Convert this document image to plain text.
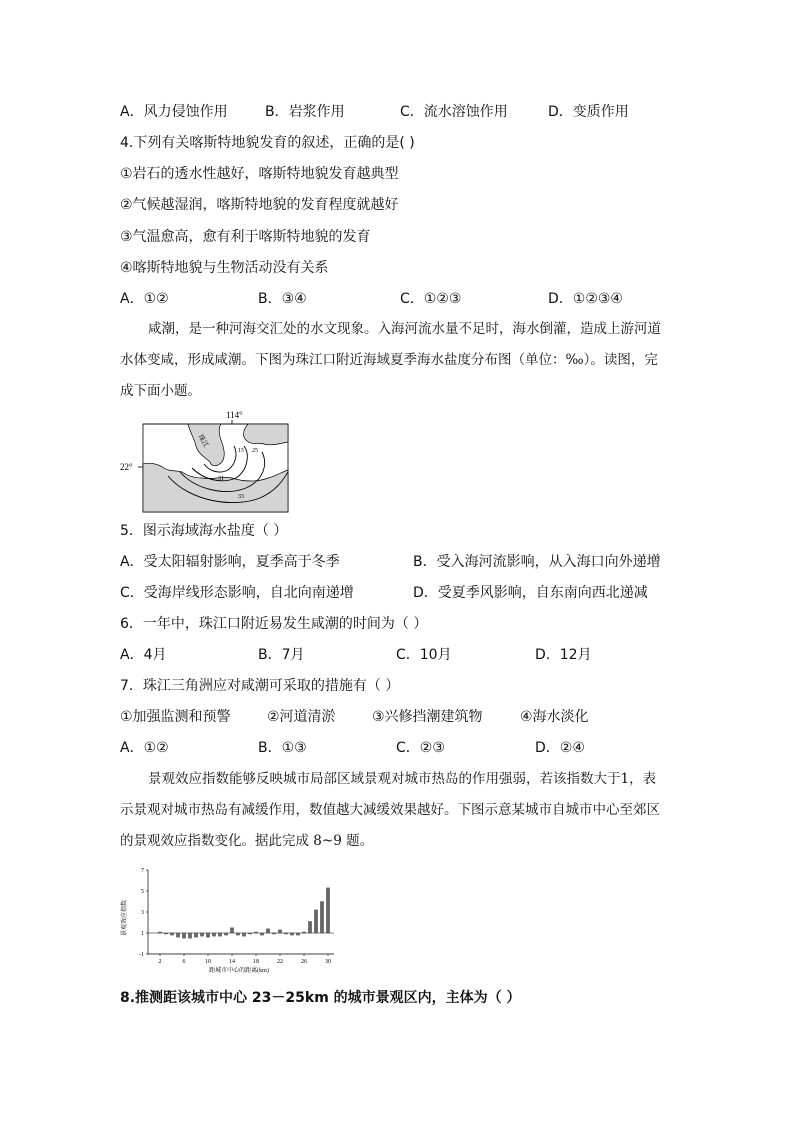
A．风力侵蚀作用	B．岩浆作用	C．流水溶蚀作用	D．变质作用
4.下列有关喀斯特地貌发育的叙述，正确的是( )
①岩石的透水性越好，喀斯特地貌发育越典型
②气候越湿润，喀斯特地貌的发育程度就越好
③气温愈高，愈有利于喀斯特地貌的发育
④喀斯特地貌与生物活动没有关系
A．①②	B．③④	C．①②③	D．①②③④
咸潮，是一种河海交汇处的水文现象。入海河流水量不足时，海水倒灌，造成上游河道
水体变咸，形成咸潮。下图为珠江口附近海域夏季海水盐度分布图（单位：‰）。读图，完
成下面小题。
114°
15 25
31
33
珠江
22°
5．图示海域海水盐度（ ）
A．受太阳辐射影响，夏季高于冬季	B．受入海河流影响，从入海口向外递增
C．受海岸线形态影响，自北向南递增	D．受夏季风影响，自东南向西北递减
6．一年中，珠江口附近易发生咸潮的时间为（ ）
A．4月	B．7月	C．10月	D．12月
7．珠江三角洲应对咸潮可采取的措施有（ ）
①加强监测和预警	②河道清淤	③兴修挡潮建筑物	④海水淡化
A．①②	B．①③	C．②③	D．②④
景观效应指数能够反映城市局部区域景观对城市热岛的作用强弱，若该指数大于1，表
示景观对城市热岛有减缓作用，数值越大减缓效果越好。下图示意某城市自城市中心至郊区
的景观效应指数变化。据此完成 8~9 题。
景观效应指数
距城市中心的距离(km)
-1
1
3
5
7
2	6	10	14	18	22	26	30
8.推测距该城市中心 23－25km 的城市景观区内，主体为（ ）
